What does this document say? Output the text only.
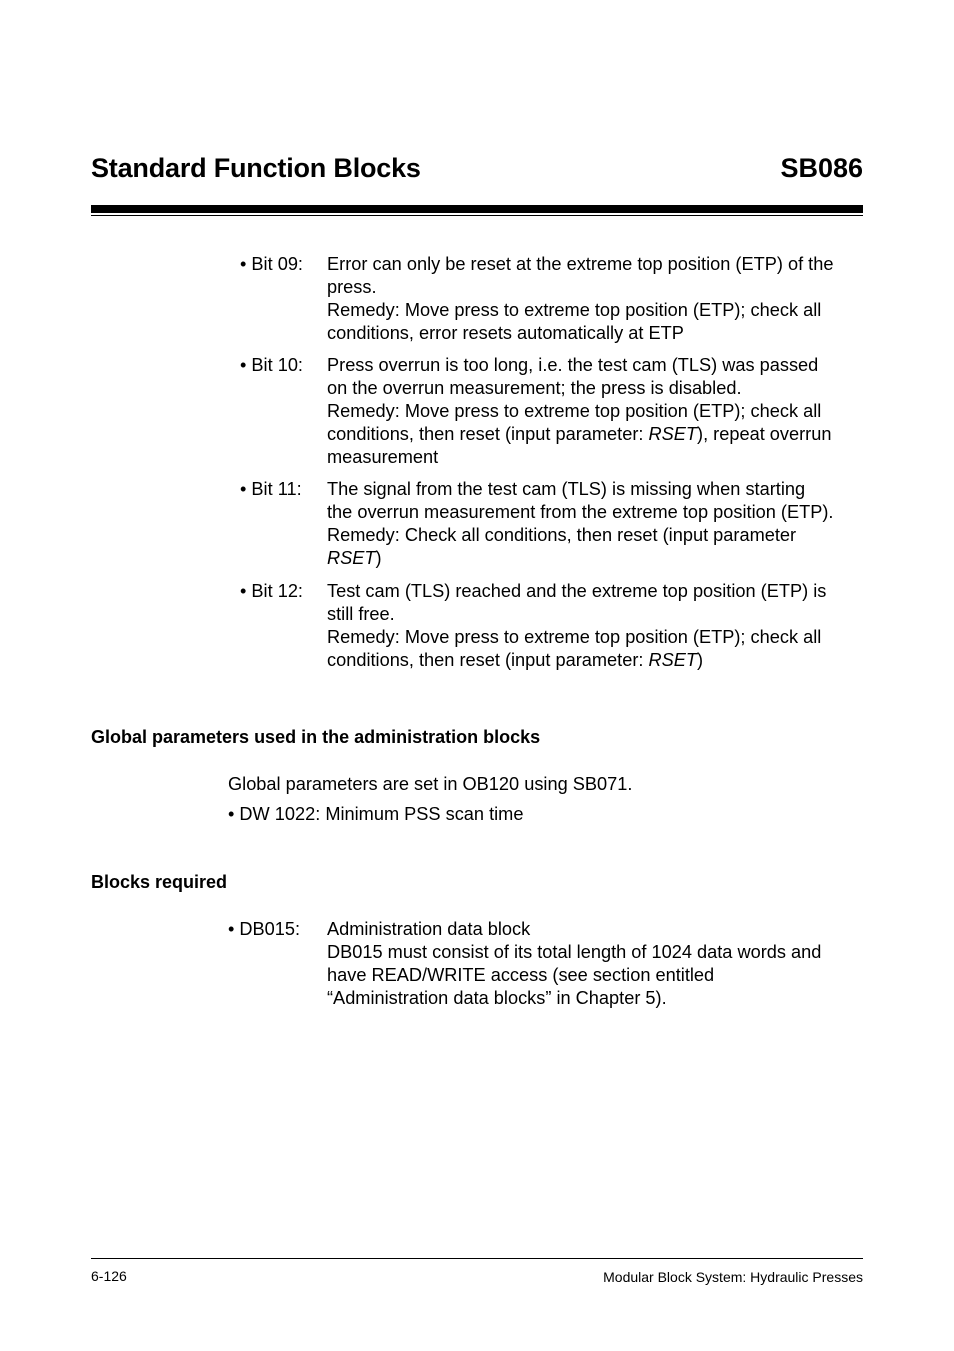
Standard Function Blocks	SB086
• Bit 09: Error can only be reset at the extreme top position (ETP) of the
press.
Remedy: Move press to extreme top position (ETP); check all
conditions, error resets automatically at ETP
• Bit 10: Press overrun is too long, i.e. the test cam (TLS) was passed
on the overrun measurement; the press is disabled.
Remedy: Move press to extreme top position (ETP); check all
conditions, then reset (input parameter: RSET), repeat overrun
measurement
• Bit 11: The signal from the test cam (TLS) is missing when starting
the overrun measurement from the extreme top position (ETP).
Remedy: Check all conditions, then reset (input parameter
RSET)
• Bit 12: Test cam (TLS) reached and the extreme top position (ETP) is
still free.
Remedy: Move press to extreme top position (ETP); check all
conditions, then reset (input parameter: RSET)
Global parameters used in the administration blocks
Global parameters are set in OB120 using SB071.
• DW 1022: Minimum PSS scan time
Blocks required
• DB015: Administration data block
DB015 must consist of its total length of 1024 data words and
have READ/WRITE access (see section entitled
“Administration data blocks” in Chapter 5).
6-126	Modular Block System: Hydraulic Presses
